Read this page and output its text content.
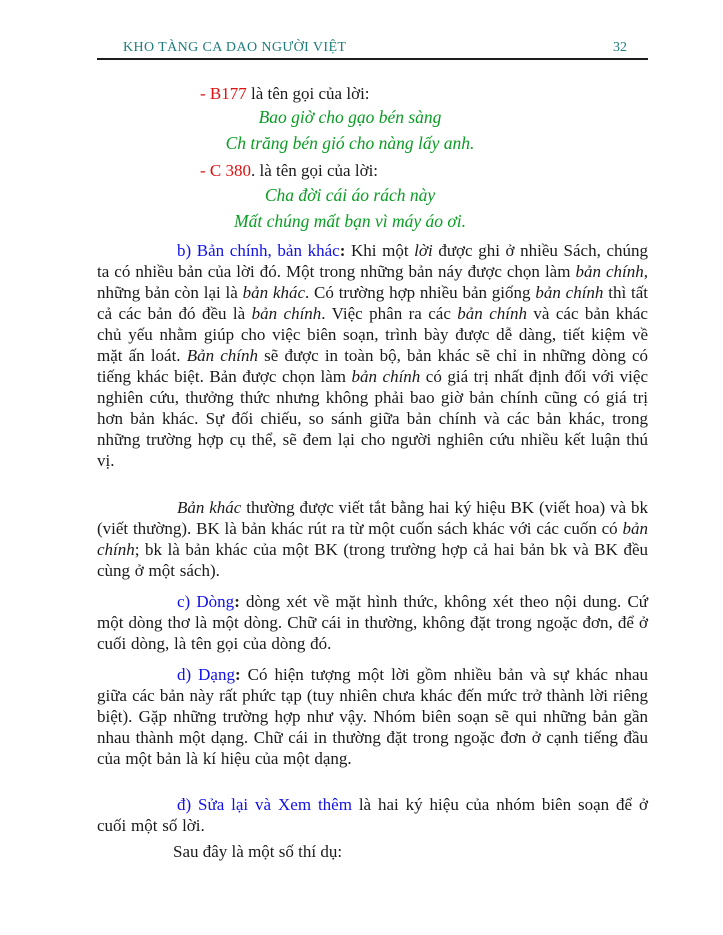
KHO TÀNG CA DAO NGƯỜI VIỆT	32
- B177 là tên gọi của lời:
Bao giờ cho gạo bén sàng
Ch trăng bén gió cho nàng lấy anh.
- C 380. là tên gọi của lời:
Cha đời cái áo rách này
Mất chúng mất bạn vì máy áo ơi.
b) Bản chính, bản khác: Khi một lời được ghi ở nhiều Sách, chúng ta có nhiều bản của lời đó. Một trong những bản náy được chọn làm bản chính, những bản còn lại là bản khác. Có trường hợp nhiều bản giống bản chính thì tất cả các bản đó đều là bản chính. Việc phân ra các bản chính và các bản khác chủ yếu nhằm giúp cho việc biên soạn, trình bày được dễ dàng, tiết kiệm về mặt ấn loát. Bản chính sẽ được in toàn bộ, bản khác sẽ chỉ in những dòng có tiếng khác biệt. Bản được chọn làm bản chính có giá trị nhất định đối với việc nghiên cứu, thưởng thức nhưng không phải bao giờ bản chính cũng có giá trị hơn bản khác. Sự đối chiếu, so sánh giữa bản chính và các bản khác, trong những trường hợp cụ thể, sẽ đem lại cho người nghiên cứu nhiều kết luận thú vị.
Bản khác thường được viết tắt bằng hai ký hiệu BK (viết hoa) và bk (viết thường). BK là bản khác rút ra từ một cuốn sách khác với các cuốn có bản chính; bk là bản khác của một BK (trong trường hợp cả hai bản bk và BK đều cùng ở một sách).
c) Dòng: dòng xét về mặt hình thức, không xét theo nội dung. Cứ một dòng thơ là một dòng. Chữ cái in thường, không đặt trong ngoặc đơn, để ở cuối dòng, là tên gọi của dòng đó.
d) Dạng: Có hiện tượng một lời gồm nhiều bản và sự khác nhau giữa các bản này rất phức tạp (tuy nhiên chưa khác đến mức trở thành lời riêng biệt). Gặp những trường hợp như vậy. Nhóm biên soạn sẽ qui những bản gần nhau thành một dạng. Chữ cái in thường đặt trong ngoặc đơn ở cạnh tiếng đầu của một bản là kí hiệu của một dạng.
đ) Sửa lại và Xem thêm là hai ký hiệu của nhóm biên soạn để ở cuối một số lời.
Sau đây là một số thí dụ:
